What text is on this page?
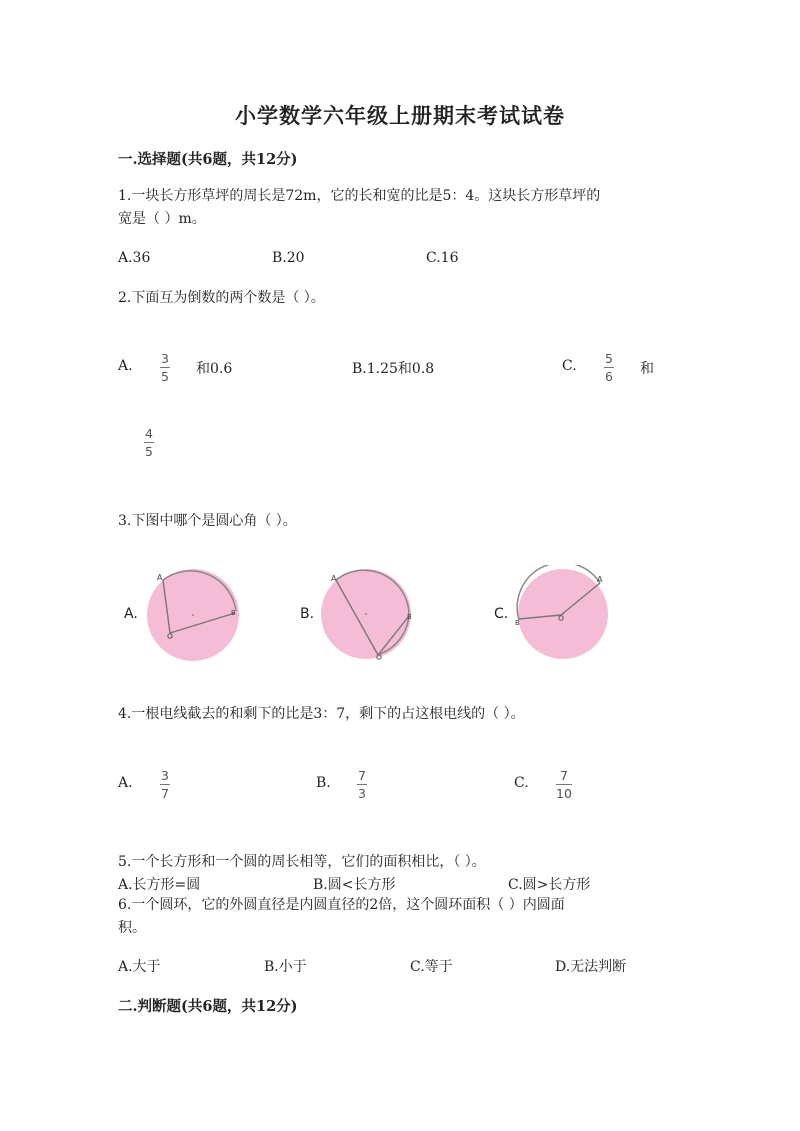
小学数学六年级上册期末考试试卷
一.选择题(共6题，共12分)
1.一块长方形草坪的周长是72m，它的长和宽的比是5：4。这块长方形草坪的
宽是（ ）m。
A.36	B.20	C.16
2.下面互为倒数的两个数是（ ）。
A. 3
5 和0.6	B.1.25和0.8	C. 5
6 和
4
5
3.下图中哪个是圆心角（ ）。
A.
A
B	B.
A
B	C.
A
B
4.一根电线截去的和剩下的比是3：7，剩下的占这根电线的（ ）。
A. 3
7
B. 7
3
C.	7
10
5.一个长方形和一个圆的周长相等，它们的面积相比，（ ）。
A.长方形=圆	B.圆<长方形	C.圆>长方形
6.一个圆环，它的外圆直径是内圆直径的2倍，这个圆环面积（ ）内圆面
积。
A.大于	B.小于	C.等于	D.无法判断
二.判断题(共6题，共12分)
